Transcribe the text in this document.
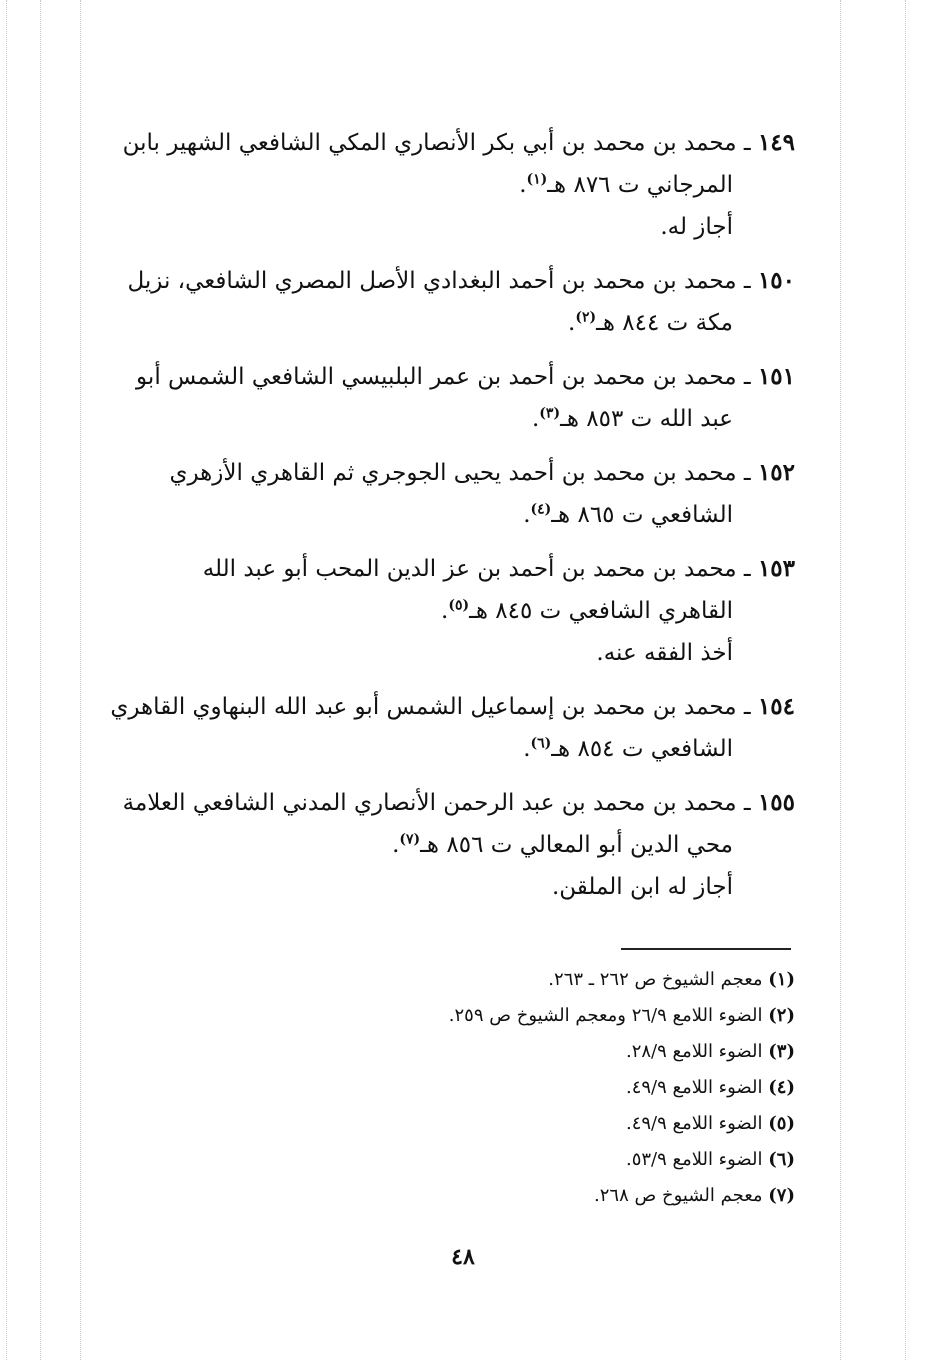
١٤٩ ـ محمد بن محمد بن أبي بكر الأنصاري المكي الشافعي الشهير بابن
المرجاني ت ٨٧٦ هـ$^{(١)}$.
أجاز له.
١٥٠ ـ محمد بن محمد بن أحمد البغدادي الأصل المصري الشافعي، نزيل
مكة ت ٨٤٤ هـ$^{(٢)}$.
١٥١ ـ محمد بن محمد بن أحمد بن عمر البلبيسي الشافعي الشمس أبو
عبد الله ت ٨٥٣ هـ$^{(٣)}$.
١٥٢ ـ محمد بن محمد بن أحمد يحيى الجوجري ثم القاهري الأزهري
الشافعي ت ٨٦٥ هـ$^{(٤)}$.
١٥٣ ـ محمد بن محمد بن أحمد بن عز الدين المحب أبو عبد الله
القاهري الشافعي ت ٨٤٥ هـ$^{(٥)}$.
أخذ الفقه عنه.
١٥٤ ـ محمد بن محمد بن إسماعيل الشمس أبو عبد الله البنهاوي القاهري
الشافعي ت ٨٥٤ هـ$^{(٦)}$.
١٥٥ ـ محمد بن محمد بن عبد الرحمن الأنصاري المدني الشافعي العلامة
محي الدين أبو المعالي ت ٨٥٦ هـ$^{(٧)}$.
أجاز له ابن الملقن.
(١) معجم الشيوخ ص ٢٦٢ ـ ٢٦٣.
(٢) الضوء اللامع ٢٦/٩ ومعجم الشيوخ ص ٢٥٩.
(٣) الضوء اللامع ٢٨/٩.
(٤) الضوء اللامع ٤٩/٩.
(٥) الضوء اللامع ٤٩/٩.
(٦) الضوء اللامع ٥٣/٩.
(٧) معجم الشيوخ ص ٢٦٨.
٤٨
